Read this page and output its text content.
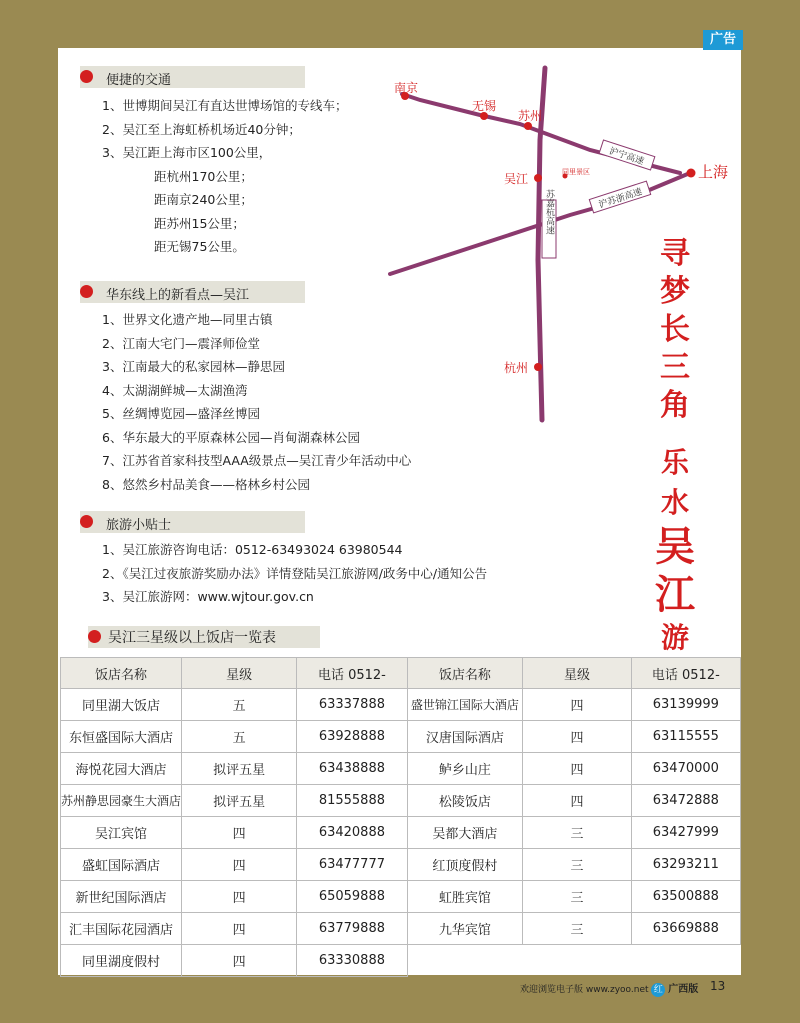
广告
便捷的交通
1、世博期间吴江有直达世博场馆的专线车；
2、吴江至上海虹桥机场近40分钟；
3、吴江距上海市区100公里，
距杭州170公里；
距南京240公里；
距苏州15公里；
距无锡75公里。
华东线上的新看点—吴江
1、世界文化遗产地—同里古镇
2、江南大宅门—震泽师俭堂
3、江南最大的私家园林—静思园
4、太湖湖鲜城—太湖渔湾
5、丝绸博览园—盛泽丝博园
6、华东最大的平原森林公园—肖甸湖森林公园
7、江苏省首家科技型AAA级景点—吴江青少年活动中心
8、悠然乡村品美食——格林乡村公园
旅游小贴士
1、吴江旅游咨询电话：0512-63493024 63980544
2、《吴江过夜旅游奖励办法》详情登陆吴江旅游网/政务中心/通知公告
3、吴江旅游网：www.wjtour.gov.cn
南京
无锡
苏州
上海
吴江	同里景区
杭州
沪宁高速
沪苏浙高速
苏嘉杭高速
寻
梦
长
三
角
乐
水
吴
江
游
吴江三星级以上饭店一览表
饭店名称	星级	电话 0512-	饭店名称	星级	电话 0512-
同里湖大饭店	五	63337888	盛世锦江国际大酒店	四	63139999
东恒盛国际大酒店	五	63928888	汉唐国际酒店	四	63115555
海悦花园大酒店	拟评五星	63438888	鲈乡山庄	四	63470000
苏州静思园豪生大酒店	拟评五星	81555888	松陵饭店	四	63472888
吴江宾馆	四	63420888	吴都大酒店	三	63427999
盛虹国际酒店	四	63477777	红顶度假村	三	63293211
新世纪国际酒店	四	65059888	虹胜宾馆	三	63500888
汇丰国际花园酒店	四	63779888	九华宾馆	三	63669888
同里湖度假村	四	63330888			
欢迎浏览电子版 www.zyoo.net 红 广西版 13
